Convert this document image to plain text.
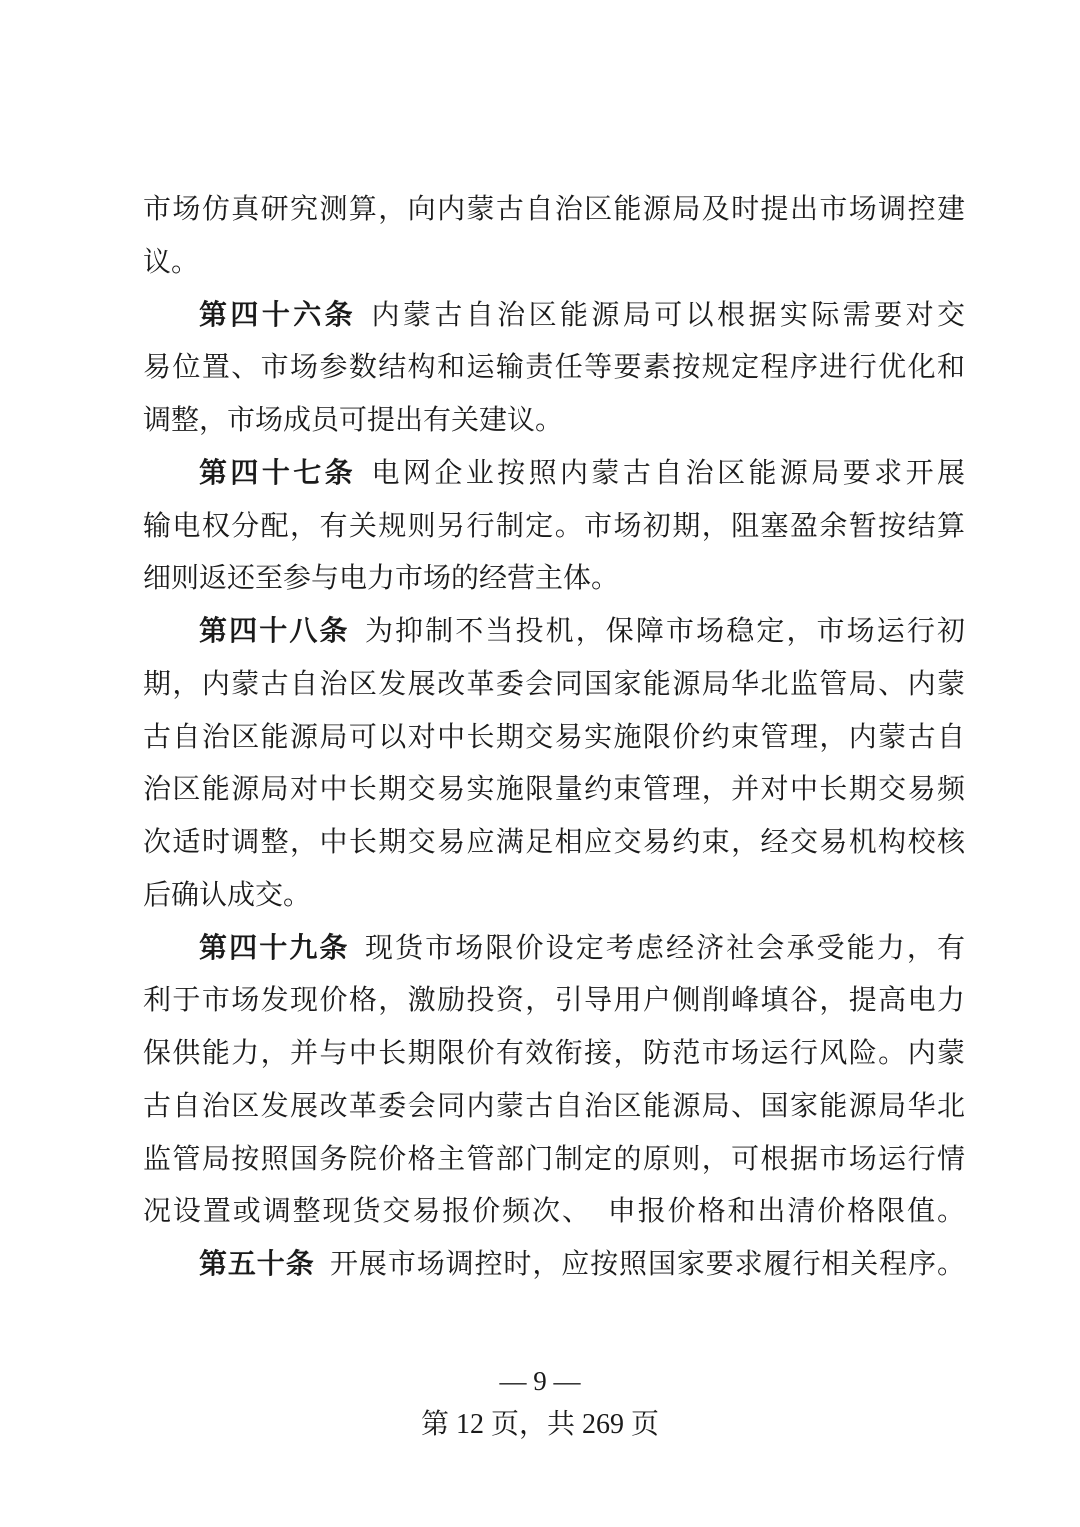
市场仿真研究测算，向内蒙古自治区能源局及时提出市场调控建
议。
第四十六条 内蒙古自治区能源局可以根据实际需要对交
易位置、市场参数结构和运输责任等要素按规定程序进行优化和
调整，市场成员可提出有关建议。
第四十七条 电网企业按照内蒙古自治区能源局要求开展
输电权分配，有关规则另行制定。市场初期，阻塞盈余暂按结算
细则返还至参与电力市场的经营主体。
第四十八条 为抑制不当投机，保障市场稳定，市场运行初
期，内蒙古自治区发展改革委会同国家能源局华北监管局、内蒙
古自治区能源局可以对中长期交易实施限价约束管理，内蒙古自
治区能源局对中长期交易实施限量约束管理，并对中长期交易频
次适时调整，中长期交易应满足相应交易约束，经交易机构校核
后确认成交。
第四十九条 现货市场限价设定考虑经济社会承受能力，有
利于市场发现价格，激励投资，引导用户侧削峰填谷，提高电力
保供能力，并与中长期限价有效衔接，防范市场运行风险。内蒙
古自治区发展改革委会同内蒙古自治区能源局、国家能源局华北
监管局按照国务院价格主管部门制定的原则，可根据市场运行情
况设置或调整现货交易报价频次、　申报价格和出清价格限值。
第五十条 开展市场调控时，应按照国家要求履行相关程序。
— 9 —
第 12 页，共 269 页
